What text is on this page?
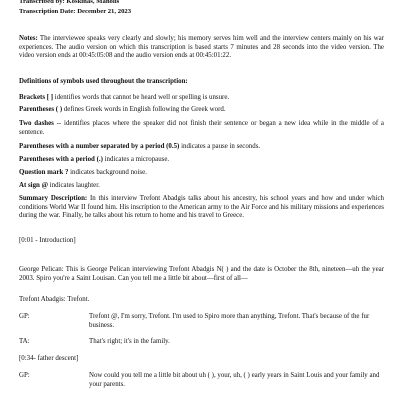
Transcribed by: Koskinas, Manolis
Transcription Date: December 21, 2023
Notes: The interviewee speaks very clearly and slowly; his memory serves him well and the interview centers mainly on his war experiences. The audio version on which this transcription is based starts 7 minutes and 28 seconds into the video version. The video version ends at 00:45:05:08 and the audio version ends at 00:45:01:22.
Definitions of symbols used throughout the transcription:
Brackets [ ] identifies words that cannot be heard well or spelling is unsure.
Parentheses ( ) defines Greek words in English following the Greek word.
Two dashes -- identifies places where the speaker did not finish their sentence or began a new idea while in the middle of a sentence.
Parentheses with a number separated by a period (0.5) indicates a pause in seconds.
Parentheses with a period (.) indicates a micropause.
Question mark ? indicates background noise.
At sign @ indicates laughter.
Summary Description: In this interview Trefont Abadgis talks about his ancestry, his school years and how and under which conditions World War II found him. His inscription to the American army to the Air Force and his military missions and experiences during the war. Finally, he talks about his return to home and his travel to Greece.
[0:01 - Introduction]
George Pelican: This is George Pelican interviewing Trefont Abadgis N( ) and the date is October the 8th, nineteen—uh the year 2003. Spiro you're a Saint Louisan. Can you tell me a little bit about—first of all—
Trefont Abadgis: Trefont.
GP:	Trefont @, I'm sorry, Trefont. I'm used to Spiro more than anything, Trefont. That's because of the fur business.
TA:	That's right; it's in the family.
[0:34- father descent]
GP:	Now could you tell me a little bit about uh ( ), your, uh, ( ) early years in Saint Louis and your family and your parents.
